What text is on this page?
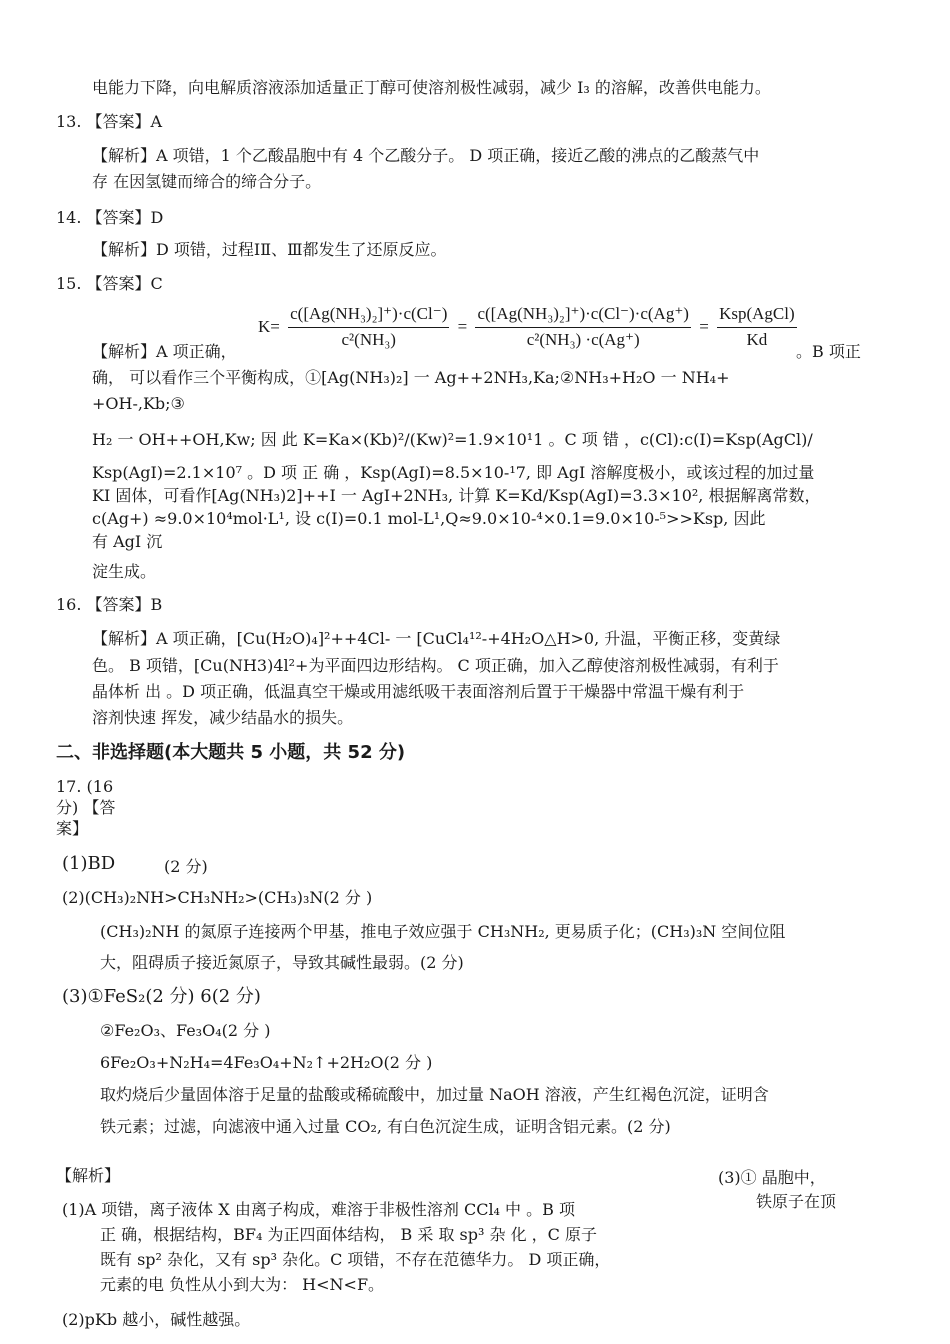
电能力下降，向电解质溶液添加适量正丁醇可使溶剂极性减弱，减少 I₃ 的溶解，改善供电能力。
13. 【答案】A
【解析】A 项错，1 个乙酸晶胞中有 4 个乙酸分子。 D 项正确，接近乙酸的沸点的乙酸蒸气中
存 在因氢键而缔合的缔合分子。
14. 【答案】D
【解析】D 项错，过程ⅠⅡ、Ⅲ都发生了还原反应。
15. 【答案】C
$K= \frac{\text{c([Ag(NH₃)₂]⁺)·c(Cl⁻)}}{\text{c²(NH₃)}} = \frac{\text{c([Ag(NH₃)₂]⁺)·c(Cl⁻)·c(Ag⁺)}}{\text{c²(NH₃) ·c(Ag⁺)}} = \frac{\text{Ksp(AgCl)}}{Kd}$
【解析】A 项正确，	。B 项正
确， 可以看作三个平衡构成，①[Ag(NH₃)₂] 一 Ag++2NH₃,Ka;②NH₃+H₂O 一 NH₄+
+OH-,Kb;③
H₂ 一 OH++OH,Kw; 因 此 K=Ka×(Kb)²/(Kw)²=1.9×10¹1 。C 项 错 ，c(Cl):c(I)=Ksp(AgCl)/
Ksp(AgI)=2.1×10⁷ 。D 项 正 确 ，Ksp(AgI)=8.5×10-¹7, 即 AgI 溶解度极小，或该过程的加过量
KI 固体，可看作[Ag(NH₃)2]++I 一 AgI+2NH₃, 计算 K=Kd/Ksp(AgI)=3.3×10², 根据解离常数，
c(Ag+) ≈9.0×10⁴mol·L¹, 设 c(I)=0.1 mol-L¹,Q≈9.0×10-⁴×0.1=9.0×10-⁵>>Ksp, 因此
有 AgI 沉
淀生成。
16. 【答案】B
【解析】A 项正确，[Cu(H₂O)₄]²++4Cl- 一 [CuCl₄¹²-+4H₂O△H>0, 升温，平衡正移，变黄绿
色。 B 项错，[Cu(NH3)4l²+为平面四边形结构。 C 项正确，加入乙醇使溶剂极性减弱，有利于
晶体析 出 。D 项正确，低温真空干燥或用滤纸吸干表面溶剂后置于干燥器中常温干燥有利于
溶剂快速 挥发，减少结晶水的损失。
二、非选择题(本大题共 5 小题，共 52 分)
17. (16
分) 【答
案】
(1)BD	(2 分)
(2)(CH₃)₂NH>CH₃NH₂>(CH₃)₃N(2 分 )
(CH₃)₂NH 的氮原子连接两个甲基，推电子效应强于 CH₃NH₂, 更易质子化；(CH₃)₃N 空间位阻
大，阻碍质子接近氮原子，导致其碱性最弱。(2 分)
(3)①FeS₂(2 分) 6(2 分)
②Fe₂O₃、Fe₃O₄(2 分 )
6Fe₂O₃+N₂H₄=4Fe₃O₄+N₂↑+2H₂O(2 分 )
取灼烧后少量固体溶于足量的盐酸或稀硫酸中，加过量 NaOH 溶液，产生红褐色沉淀，证明含
铁元素；过滤，向滤液中通入过量 CO₂, 有白色沉淀生成，证明含铝元素。(2 分)
【解析】	(3)① 晶胞中，
铁原子在顶
(1)A 项错，离子液体 X 由离子构成，难溶于非极性溶剂 CCl₄ 中 。B 项
正 确，根据结构，BF₄ 为正四面体结构， B 采 取 sp³ 杂 化 ，C 原子
既有 sp² 杂化，又有 sp³ 杂化。C 项错，不存在范德华力。 D 项正确，
元素的电 负性从小到大为： H<N<F。
(2)pKb 越小，碱性越强。
